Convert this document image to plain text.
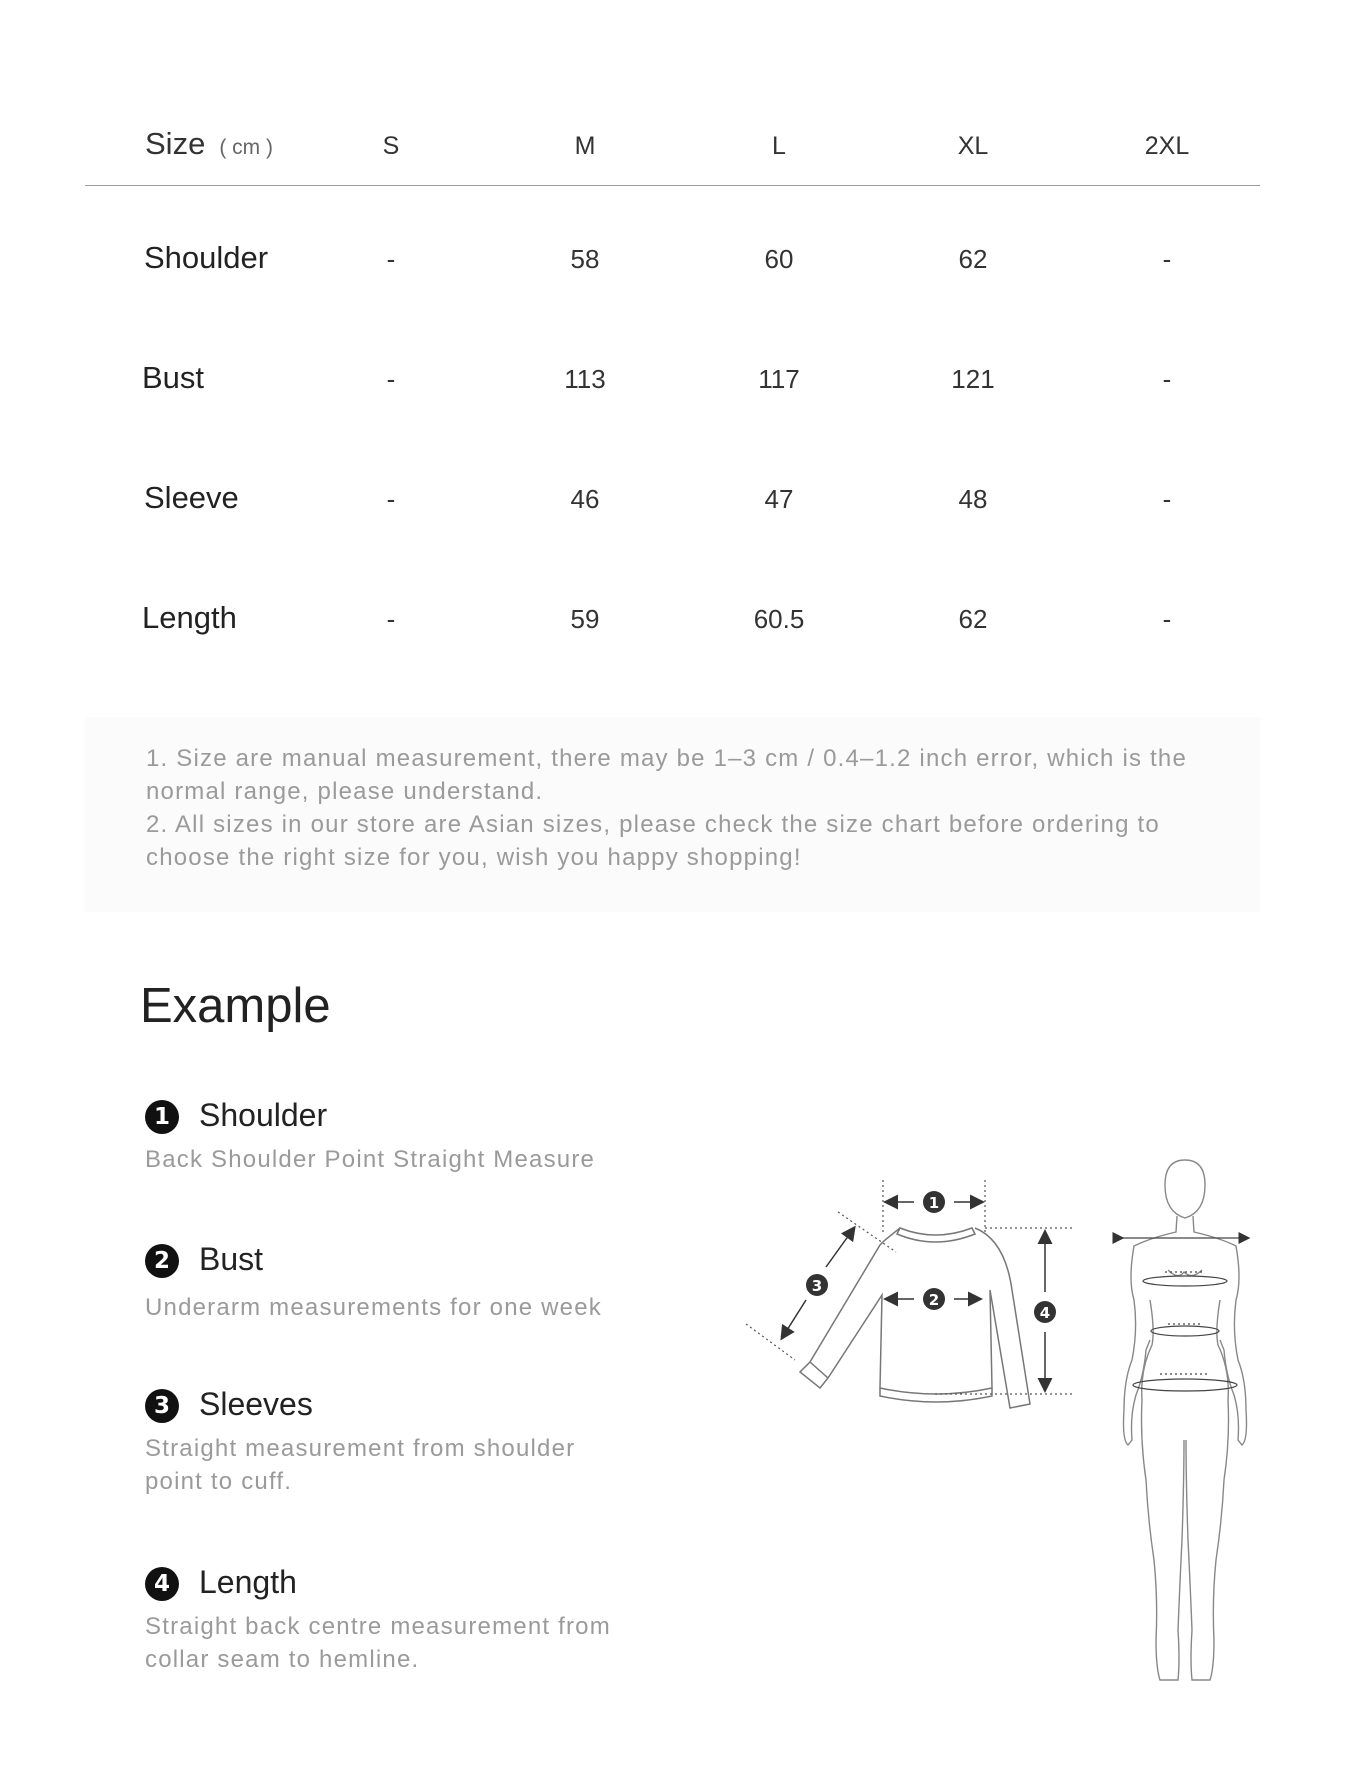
Size ( cm )	S	M	L	XL	2XL
Shoulder	-	58	60	62	-
Bust	-	113	117	121	-
Sleeve	-	46	47	48	-
Length	-	59	60.5	62	-

1. Size are manual measurement, there may be 1–3 cm / 0.4–1.2 inch error, which is the normal range, please understand.

2. All sizes in our store are Asian sizes, please check the size chart before ordering to choose the right size for you, wish you happy shopping!

Example
1 Shoulder
Back Shoulder Point Straight Measure
2 Bust
Underarm measurements for one week
3 Sleeves
Straight measurement from shoulder point to cuff.
4 Length
Straight back centre measurement from collar seam to hemline.
1
2
3
4
